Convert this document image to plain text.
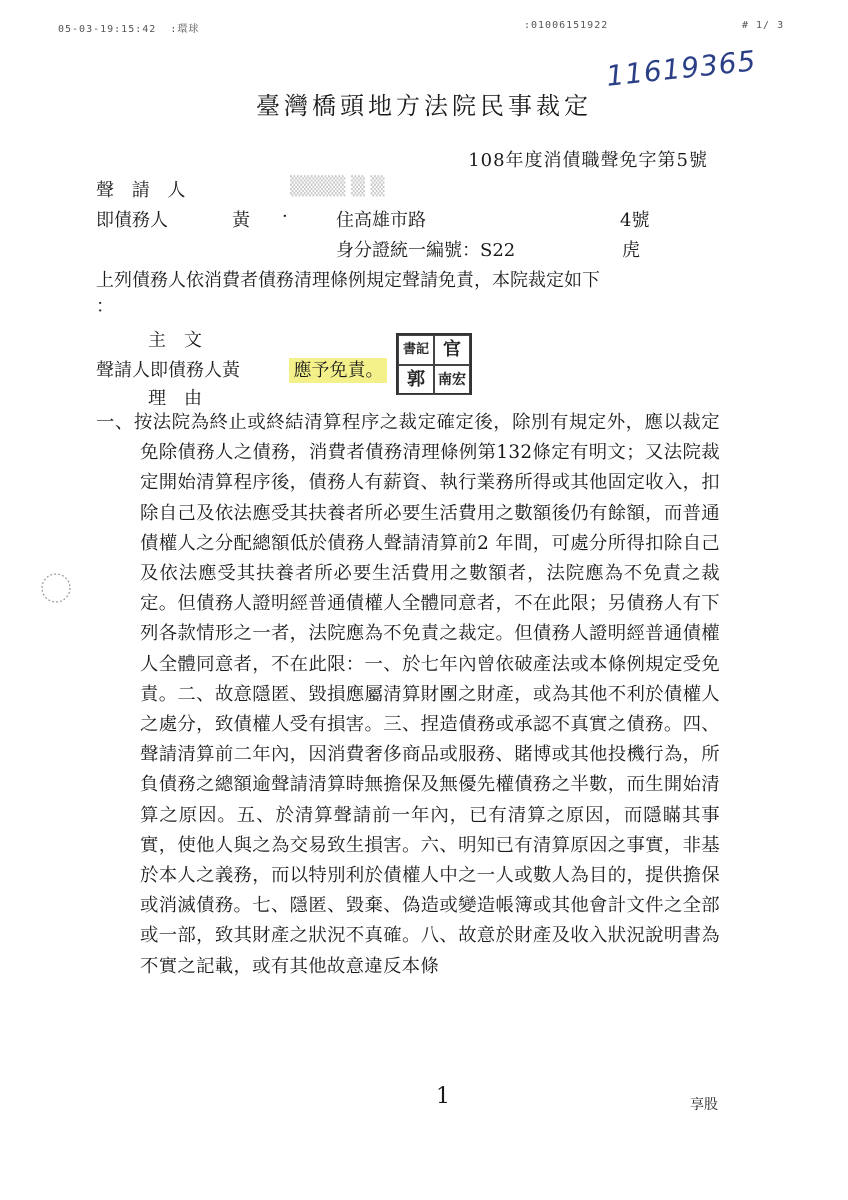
05-03-19:15:42 :環球	:01006151922	# 1/ 3
11619365
臺灣橋頭地方法院民事裁定
108年度消債職聲免字第5號
聲 請 人	▒▒▒▒ ▒ ▒
即債務人	黃 ·	住高雄市路	4號
身分證統一編號：S22	虎
上列債務人依消費者債務清理條例規定聲請免責，本院裁定如下
：
主　文
聲請人即債務人黃	應予免責。
書記 官
郭 南宏
理　由
一、按法院為終止或終結清算程序之裁定確定後，除別有規定外，應以裁定免除債務人之債務，消費者債務清理條例第132條定有明文；又法院裁定開始清算程序後，債務人有薪資、執行業務所得或其他固定收入，扣除自己及依法應受其扶養者所必要生活費用之數額後仍有餘額，而普通債權人之分配總額低於債務人聲請清算前2 年間，可處分所得扣除自己及依法應受其扶養者所必要生活費用之數額者，法院應為不免責之裁定。但債務人證明經普通債權人全體同意者，不在此限；另債務人有下列各款情形之一者，法院應為不免責之裁定。但債務人證明經普通債權人全體同意者，不在此限：一、於七年內曾依破產法或本條例規定受免責。二、故意隱匿、毀損應屬清算財團之財產，或為其他不利於債權人之處分，致債權人受有損害。三、捏造債務或承認不真實之債務。四、聲請清算前二年內，因消費奢侈商品或服務、賭博或其他投機行為，所負債務之總額逾聲請清算時無擔保及無優先權債務之半數，而生開始清算之原因。五、於清算聲請前一年內，已有清算之原因，而隱瞞其事實，使他人與之為交易致生損害。六、明知已有清算原因之事實，非基於本人之義務，而以特別利於債權人中之一人或數人為目的，提供擔保或消滅債務。七、隱匿、毀棄、偽造或變造帳簿或其他會計文件之全部或一部，致其財產之狀況不真確。八、故意於財產及收入狀況說明書為不實之記載，或有其他故意違反本條
1	享股
